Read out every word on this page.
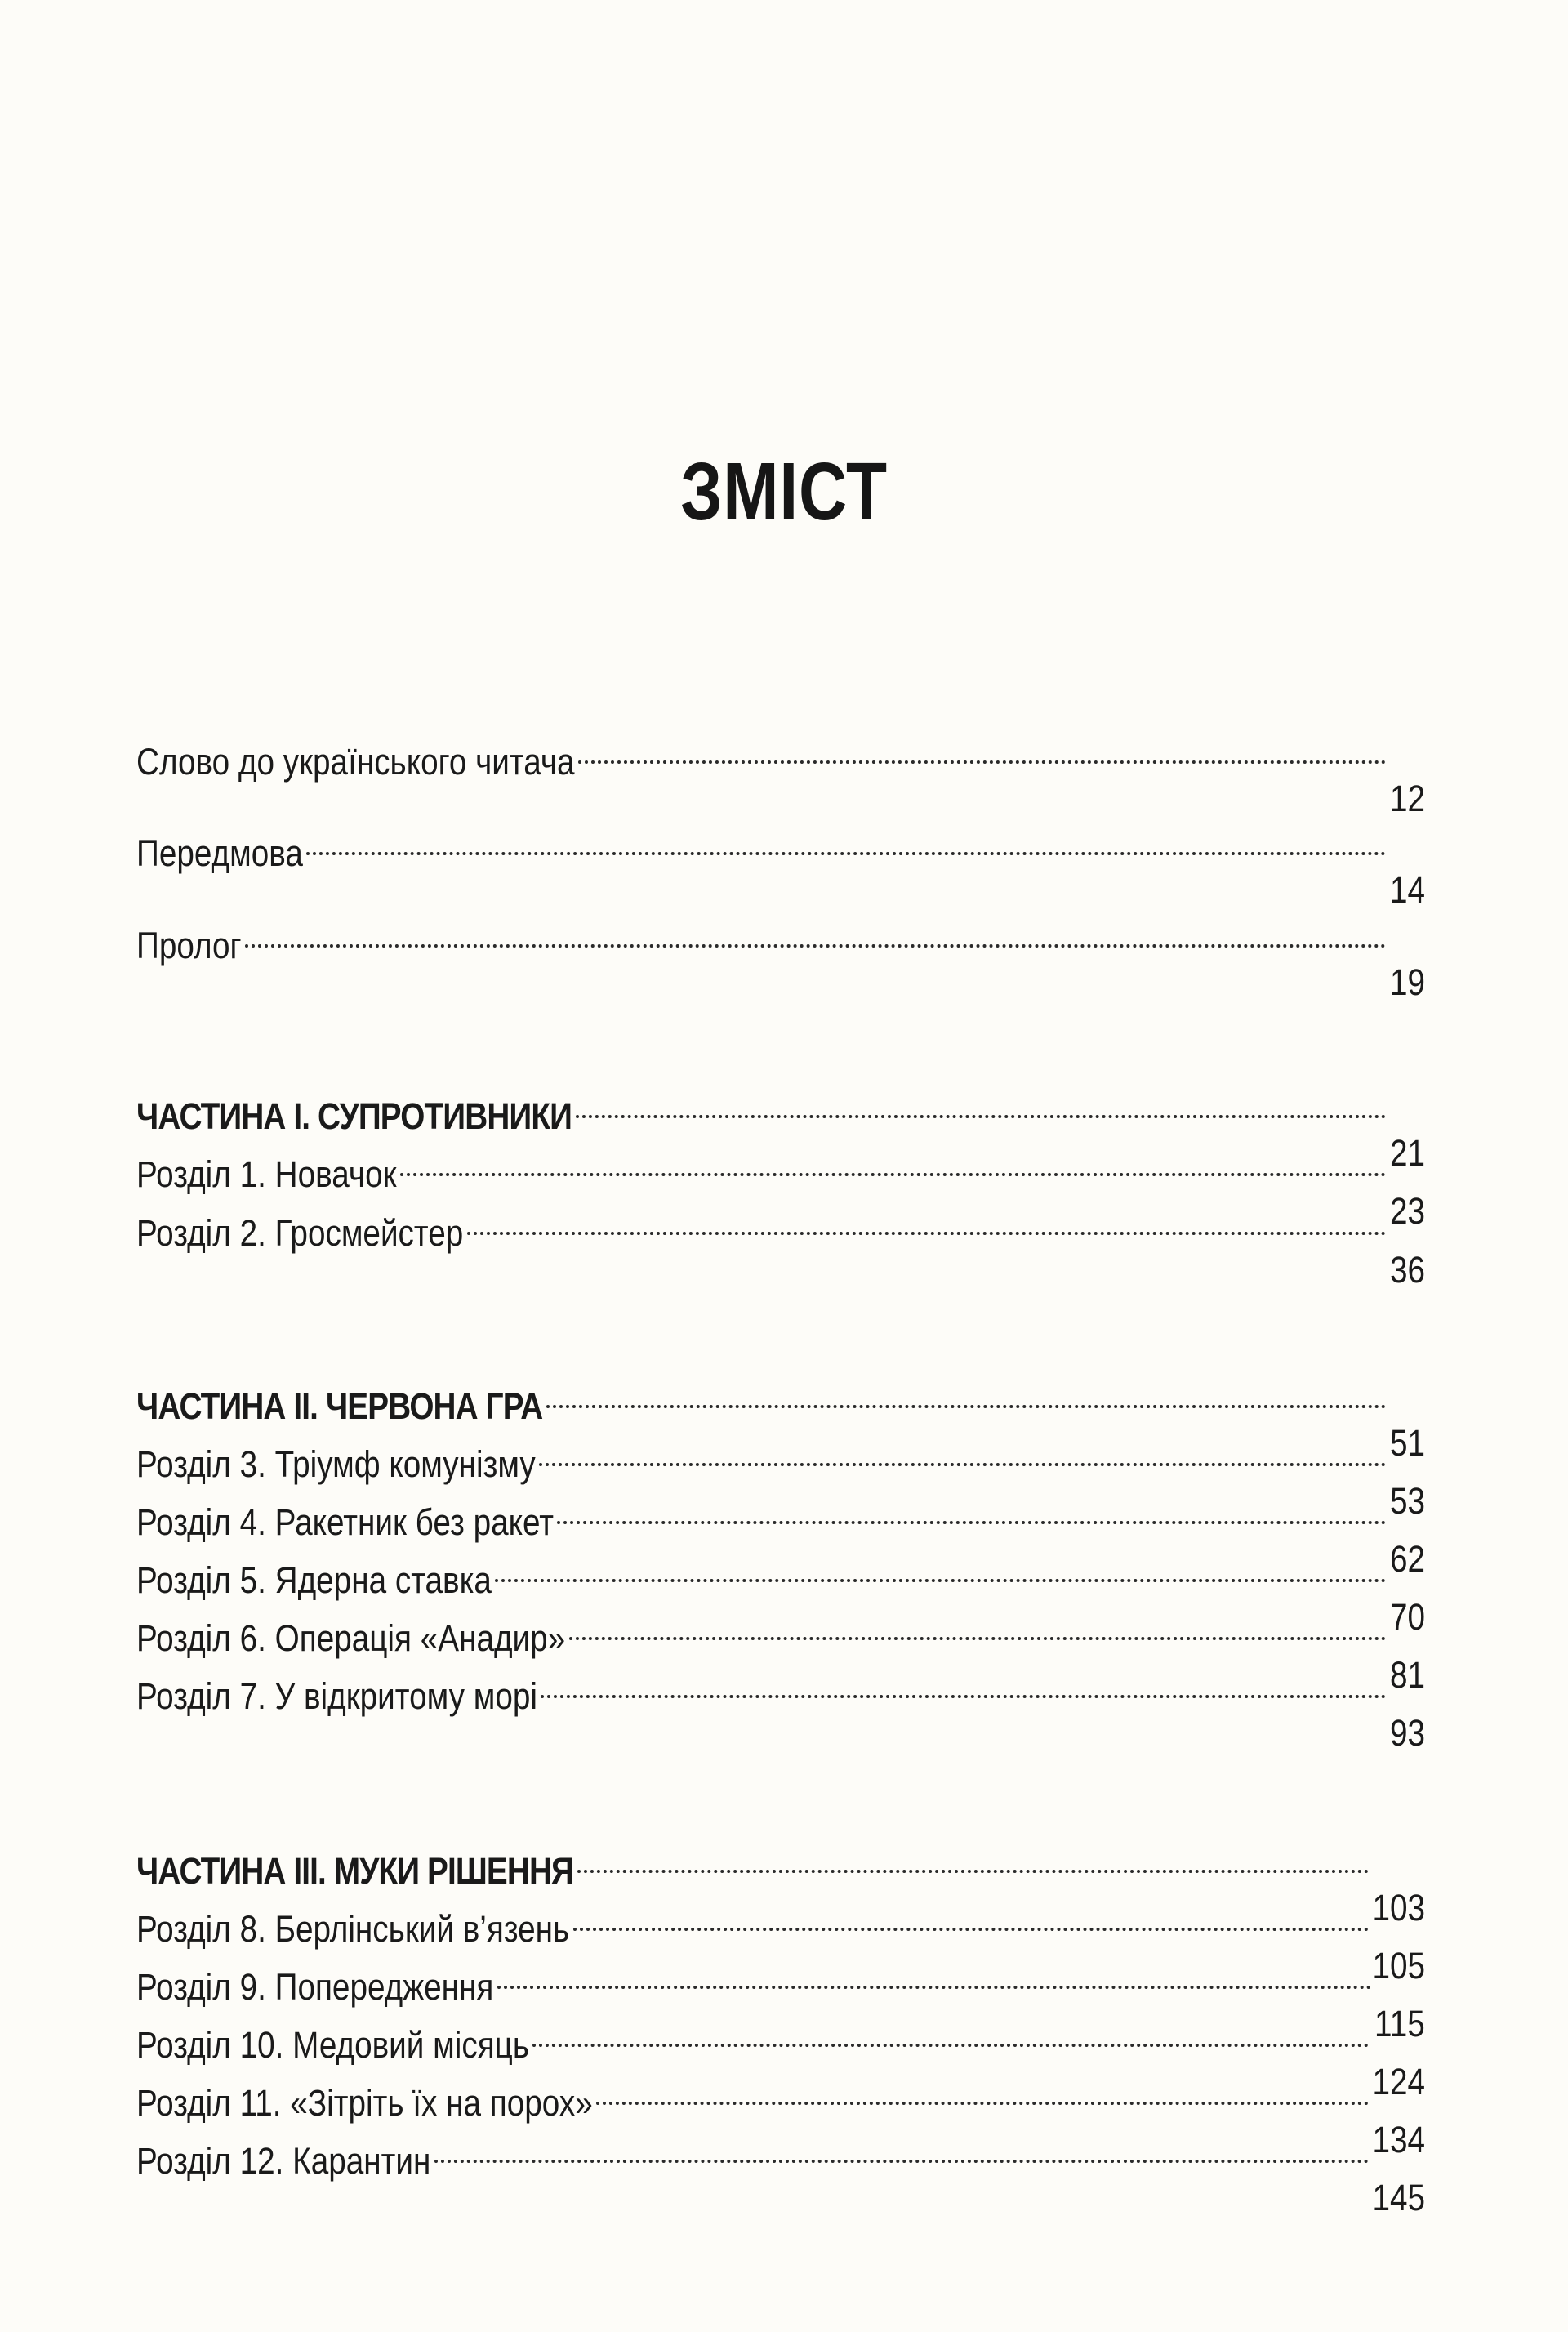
ЗМІСТ
Слово до українського читача
12
Передмова
14
Пролог
19
ЧАСТИНА І. СУПРОТИВНИКИ
21
Розділ 1. Новачок
23
Розділ 2. Гросмейстер
36
ЧАСТИНА ІІ. ЧЕРВОНА ГРА
51
Розділ 3. Тріумф комунізму
53
Розділ 4. Ракетник без ракет
62
Розділ 5. Ядерна ставка
70
Розділ 6. Операція «Анадир»
81
Розділ 7. У відкритому морі
93
ЧАСТИНА ІІІ. МУКИ РІШЕННЯ
103
Розділ 8. Берлінський в’язень
105
Розділ 9. Попередження
115
Розділ 10. Медовий місяць
124
Розділ 11. «Зітріть їх на порох»
134
Розділ 12. Карантин
145
